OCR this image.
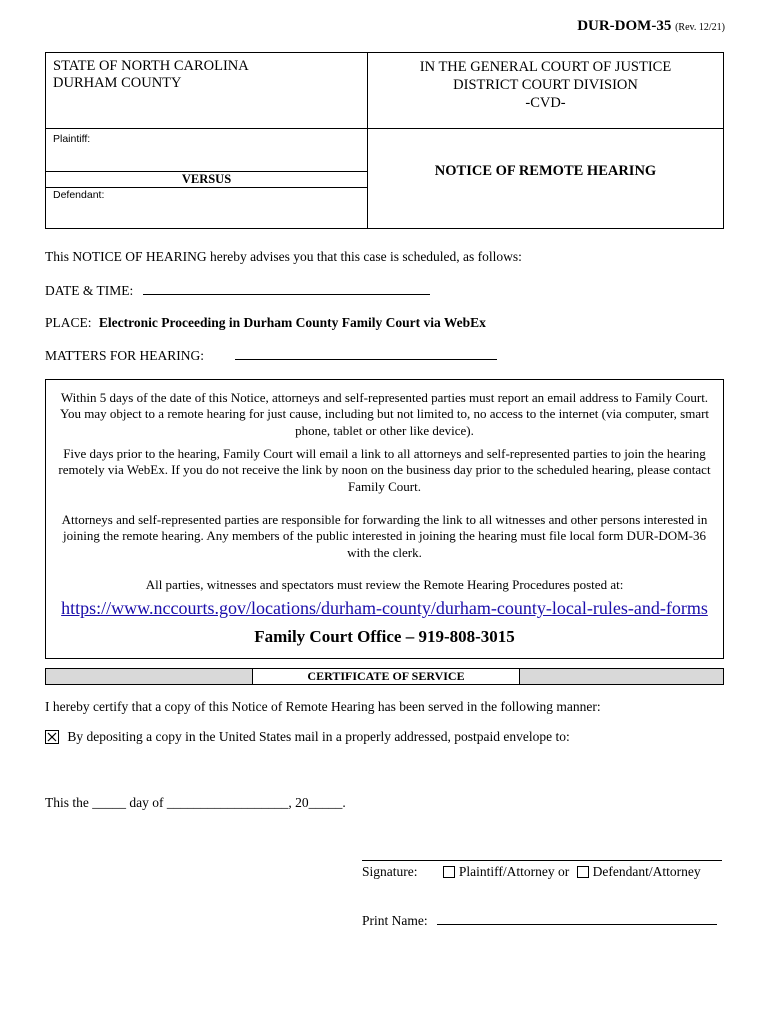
DUR-DOM-35 (Rev. 12/21)
STATE OF NORTH CAROLINA
DURHAM COUNTY
Plaintiff:
VERSUS
Defendant:
IN THE GENERAL COURT OF JUSTICE
DISTRICT COURT DIVISION
-CVD-
NOTICE OF REMOTE HEARING
This NOTICE OF HEARING hereby advises you that this case is scheduled, as follows:
DATE & TIME:
PLACE: Electronic Proceeding in Durham County Family Court via WebEx
MATTERS FOR HEARING:
Within 5 days of the date of this Notice, attorneys and self-represented parties must report an email address to Family Court. You may object to a remote hearing for just cause, including but not limited to, no access to the internet (via computer, smart phone, tablet or other like device).
Five days prior to the hearing, Family Court will email a link to all attorneys and self-represented parties to join the hearing remotely via WebEx. If you do not receive the link by noon on the business day prior to the scheduled hearing, please contact Family Court.
Attorneys and self-represented parties are responsible for forwarding the link to all witnesses and other persons interested in joining the remote hearing. Any members of the public interested in joining the hearing must file local form DUR-DOM-36 with the clerk.
All parties, witnesses and spectators must review the Remote Hearing Procedures posted at:
https://www.nccourts.gov/locations/durham-county/durham-county-local-rules-and-forms
Family Court Office – 919-808-3015
CERTIFICATE OF SERVICE
I hereby certify that a copy of this Notice of Remote Hearing has been served in the following manner:
By depositing a copy in the United States mail in a properly addressed, postpaid envelope to:
This the _____ day of __________________, 20_____.
Signature:	Plaintiff/Attorney or Defendant/Attorney
Print Name:
